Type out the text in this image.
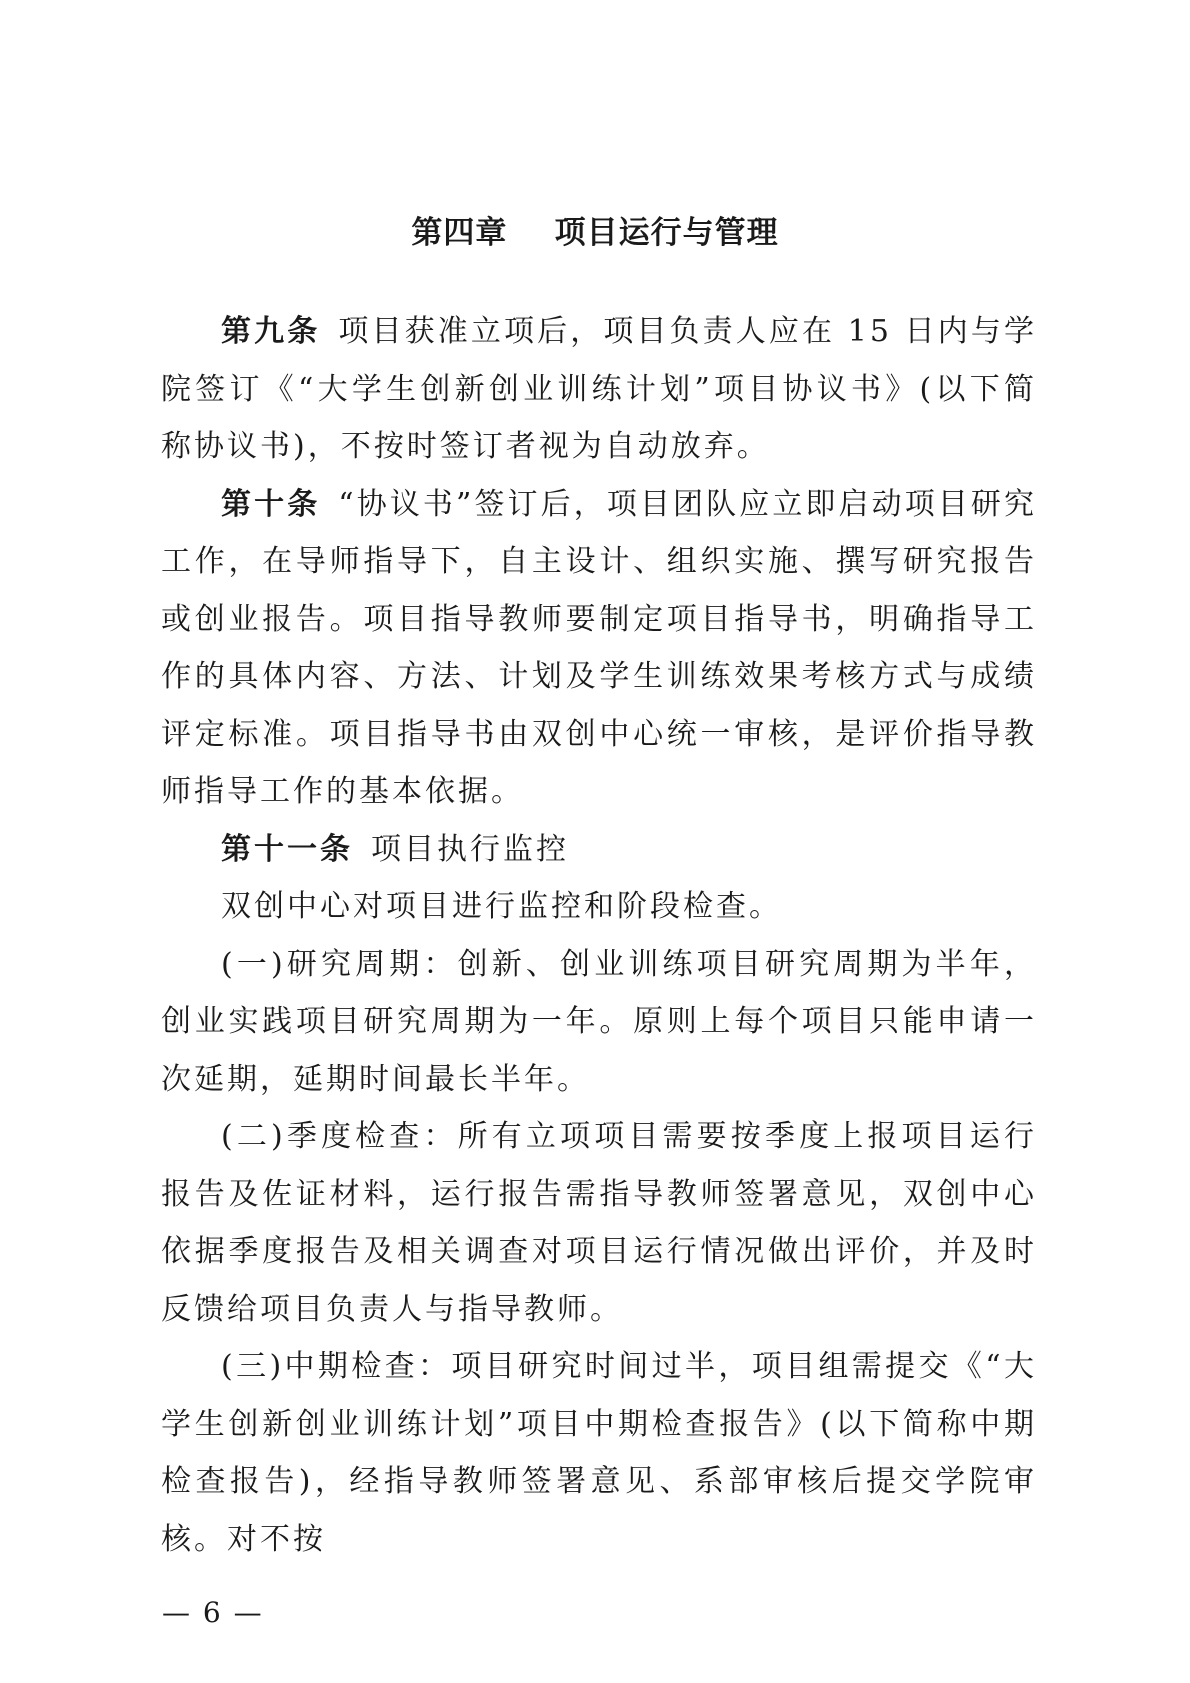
第四章    项目运行与管理

第九条 项目获准立项后，项目负责人应在 15 日内与学院签订《“大学生创新创业训练计划”项目协议书》(以下简称协议书)，不按时签订者视为自动放弃。

第十条 “协议书”签订后，项目团队应立即启动项目研究工作，在导师指导下，自主设计、组织实施、撰写研究报告或创业报告。项目指导教师要制定项目指导书，明确指导工作的具体内容、方法、计划及学生训练效果考核方式与成绩评定标准。项目指导书由双创中心统一审核，是评价指导教师指导工作的基本依据。

第十一条 项目执行监控

双创中心对项目进行监控和阶段检查。

(一)研究周期：创新、创业训练项目研究周期为半年，创业实践项目研究周期为一年。原则上每个项目只能申请一次延期，延期时间最长半年。

(二)季度检查：所有立项项目需要按季度上报项目运行报告及佐证材料，运行报告需指导教师签署意见，双创中心依据季度报告及相关调查对项目运行情况做出评价，并及时反馈给项目负责人与指导教师。

(三)中期检查：项目研究时间过半，项目组需提交《“大学生创新创业训练计划”项目中期检查报告》(以下简称中期检查报告)，经指导教师签署意见、系部审核后提交学院审核。对不按

— 6 —
